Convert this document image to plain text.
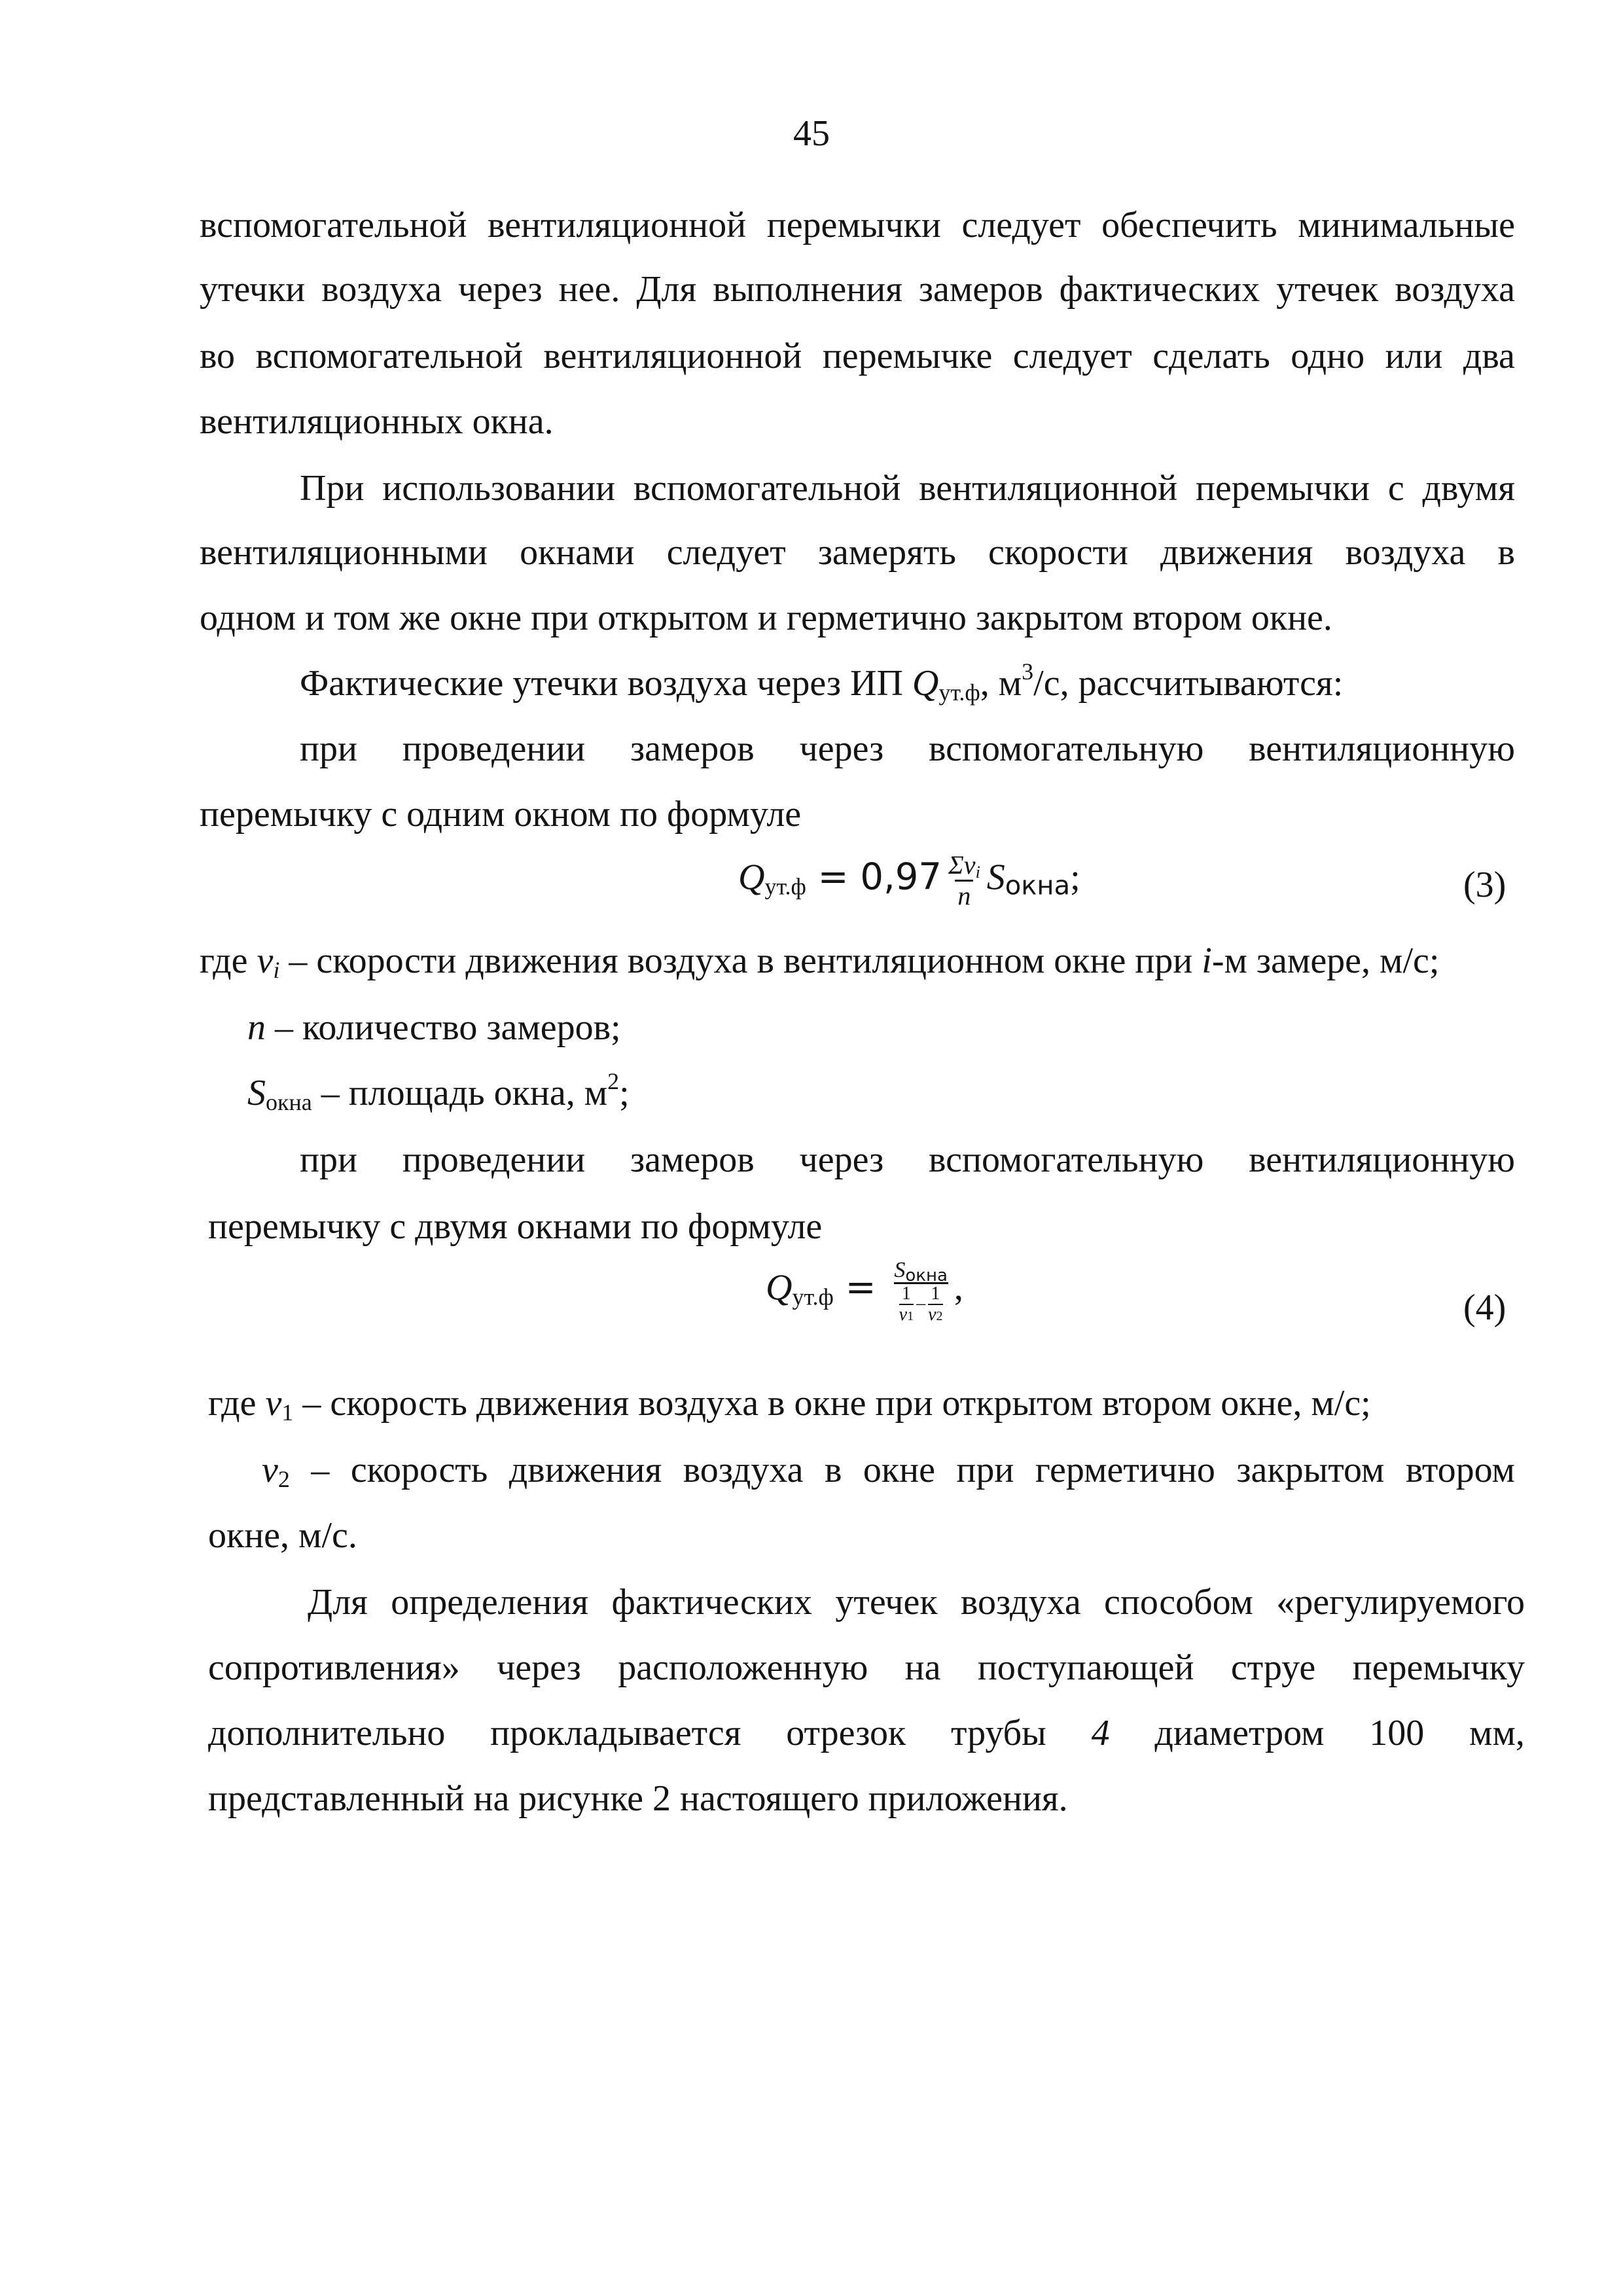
45
вспомогательной вентиляционной перемычки следует обеспечить минимальные
утечки воздуха через нее. Для выполнения замеров фактических утечек воздуха
во вспомогательной вентиляционной перемычке следует сделать одно или два
вентиляционных окна.
При использовании вспомогательной вентиляционной перемычки с двумя
вентиляционными окнами следует замерять скорости движения воздуха в
одном и том же окне при открытом и герметично закрытом втором окне.
Фактические утечки воздуха через ИП $Q_{ут.ф}$, $м^3/с$, рассчитываются:
при проведении замеров через вспомогательную вентиляционную
перемычку с одним окном по формуле
$Q_{ут.ф} = 0,97 \frac{\Sigma v_i}{n} S_{окна}$;	(3)
где $v_i$ – скорости движения воздуха в вентиляционном окне при i-м замере, м/с;
n – количество замеров;
$S_{окна}$ – площадь окна, $м^2$;
при проведении замеров через вспомогательную вентиляционную
перемычку с двумя окнами по формуле
$Q_{ут.ф} = \frac{S_{окна}}{\frac{1}{v1} - \frac{1}{v2}}$ ,	(4)
где $v_1$ – скорость движения воздуха в окне при открытом втором окне, м/с;
$v_2$ – скорость движения воздуха в окне при герметично закрытом втором
окне, м/с.
Для определения фактических утечек воздуха способом «регулируемого
сопротивления» через расположенную на поступающей струе перемычку
дополнительно прокладывается отрезок трубы 4 диаметром 100 мм,
представленный на рисунке 2 настоящего приложения.
